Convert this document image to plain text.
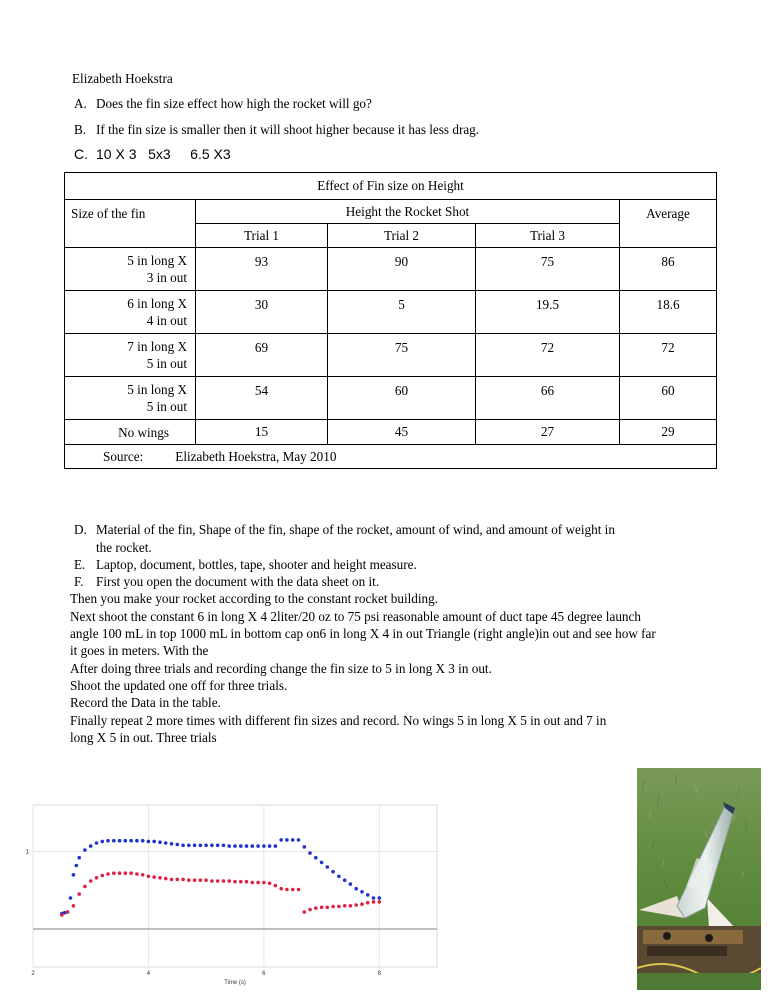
Elizabeth Hoekstra
A. Does the fin size effect how high the rocket will go?
B. If the fin size is smaller then it will shoot higher because it has less drag.
C. 10 X 3   5x3     6.5 X3
Effect of Fin size on Height				
Size of the fin	Height the Rocket Shot			Average
	Trial 1	Trial 2	Trial 3	
5 in long X
3 in out	93	90	75	86
6 in long X
4 in out	30	5	19.5	18.6
7 in long X
5 in out	69	75	72	72
5 in long X
5 in out	54	60	66	60
No wings	15	45	27	29
Source: Elizabeth Hoekstra, May 2010				
D. Material of the fin, Shape of the fin, shape of the rocket, amount of wind, and amount of weight in
the rocket.
E. Laptop, document, bottles, tape, shooter and height measure.
F. First you open the document with the data sheet on it.
Then you make your rocket according to the constant rocket building.
Next shoot the constant 6 in long X 4 2liter/20 oz to 75 psi reasonable amount of duct tape 45 degree launch
angle 100 mL in top 1000 mL in bottom cap on6 in long X 4 in out Triangle (right angle)in out and see how far
it goes in meters. With the
After doing three trials and recording change the fin size to 5 in long X 3 in out.
Shoot the updated one off for three trials.
Record the Data in the table.
Finally repeat 2 more times with different fin sizes and record. No wings 5 in long X 5 in out and 7 in
long X 5 in out. Three trials
2	4	6	8
1
Time (s)
